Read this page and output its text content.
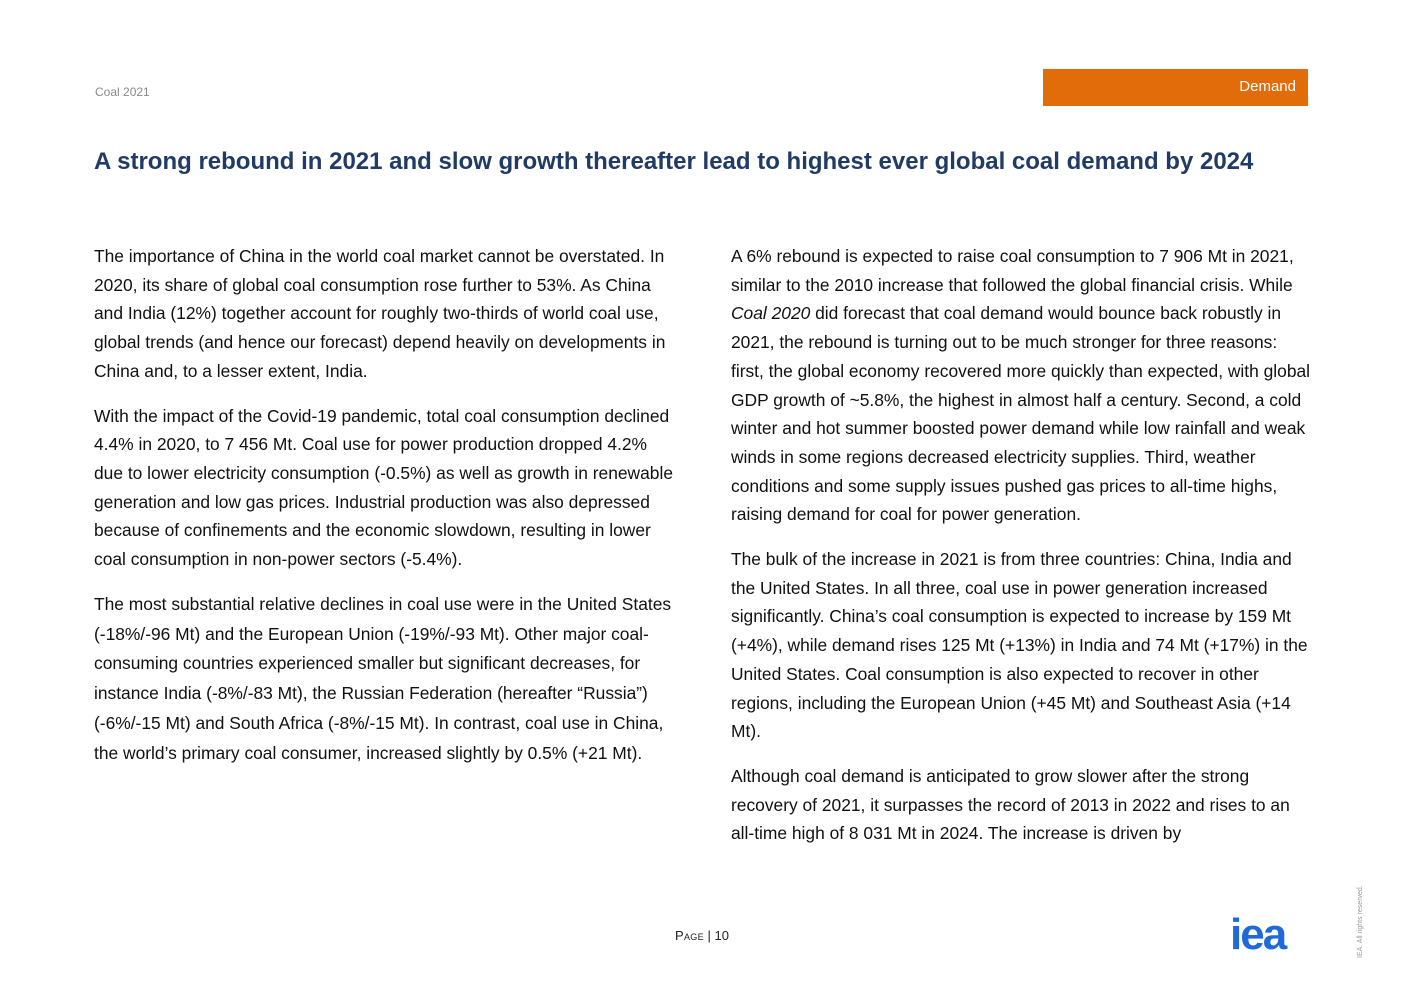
Coal 2021	Demand
A strong rebound in 2021 and slow growth thereafter lead to highest ever global coal demand by 2024

The importance of China in the world coal market cannot be overstated. In 2020, its share of global coal consumption rose further to 53%. As China and India (12%) together account for roughly two-thirds of world coal use, global trends (and hence our forecast) depend heavily on developments in China and, to a lesser extent, India.

With the impact of the Covid-19 pandemic, total coal consumption declined 4.4% in 2020, to 7 456 Mt. Coal use for power production dropped 4.2% due to lower electricity consumption (-0.5%) as well as growth in renewable generation and low gas prices. Industrial production was also depressed because of confinements and the economic slowdown, resulting in lower coal consumption in non-power sectors (-5.4%).

The most substantial relative declines in coal use were in the United States (-18%/-96 Mt) and the European Union (-19%/‑93 Mt). Other major coal-consuming countries experienced smaller but significant decreases, for instance India (-8%/‑83 Mt), the Russian Federation (hereafter “Russia”) (-6%/-15 Mt) and South Africa (-8%/-15 Mt). In contrast, coal use in China, the world’s primary coal consumer, increased slightly by 0.5% (+21 Mt).

A 6% rebound is expected to raise coal consumption to 7 906 Mt in 2021, similar to the 2010 increase that followed the global financial crisis. While Coal 2020 did forecast that coal demand would bounce back robustly in 2021, the rebound is turning out to be much stronger for three reasons: first, the global economy recovered more quickly than expected, with global GDP growth of ~5.8%, the highest in almost half a century. Second, a cold winter and hot summer boosted power demand while low rainfall and weak winds in some regions decreased electricity supplies. Third, weather conditions and some supply issues pushed gas prices to all-time highs, raising demand for coal for power generation.

The bulk of the increase in 2021 is from three countries: China, India and the United States. In all three, coal use in power generation increased significantly. China’s coal consumption is expected to increase by 159 Mt (+4%), while demand rises 125 Mt (+13%) in India and 74 Mt (+17%) in the United States. Coal consumption is also expected to recover in other regions, including the European Union (+45 Mt) and Southeast Asia (+14 Mt).

Although coal demand is anticipated to grow slower after the strong recovery of 2021, it surpasses the record of 2013 in 2022 and rises to an all-time high of 8 031 Mt in 2024. The increase is driven by

Page | 10	iea	IEA. All rights reserved.
